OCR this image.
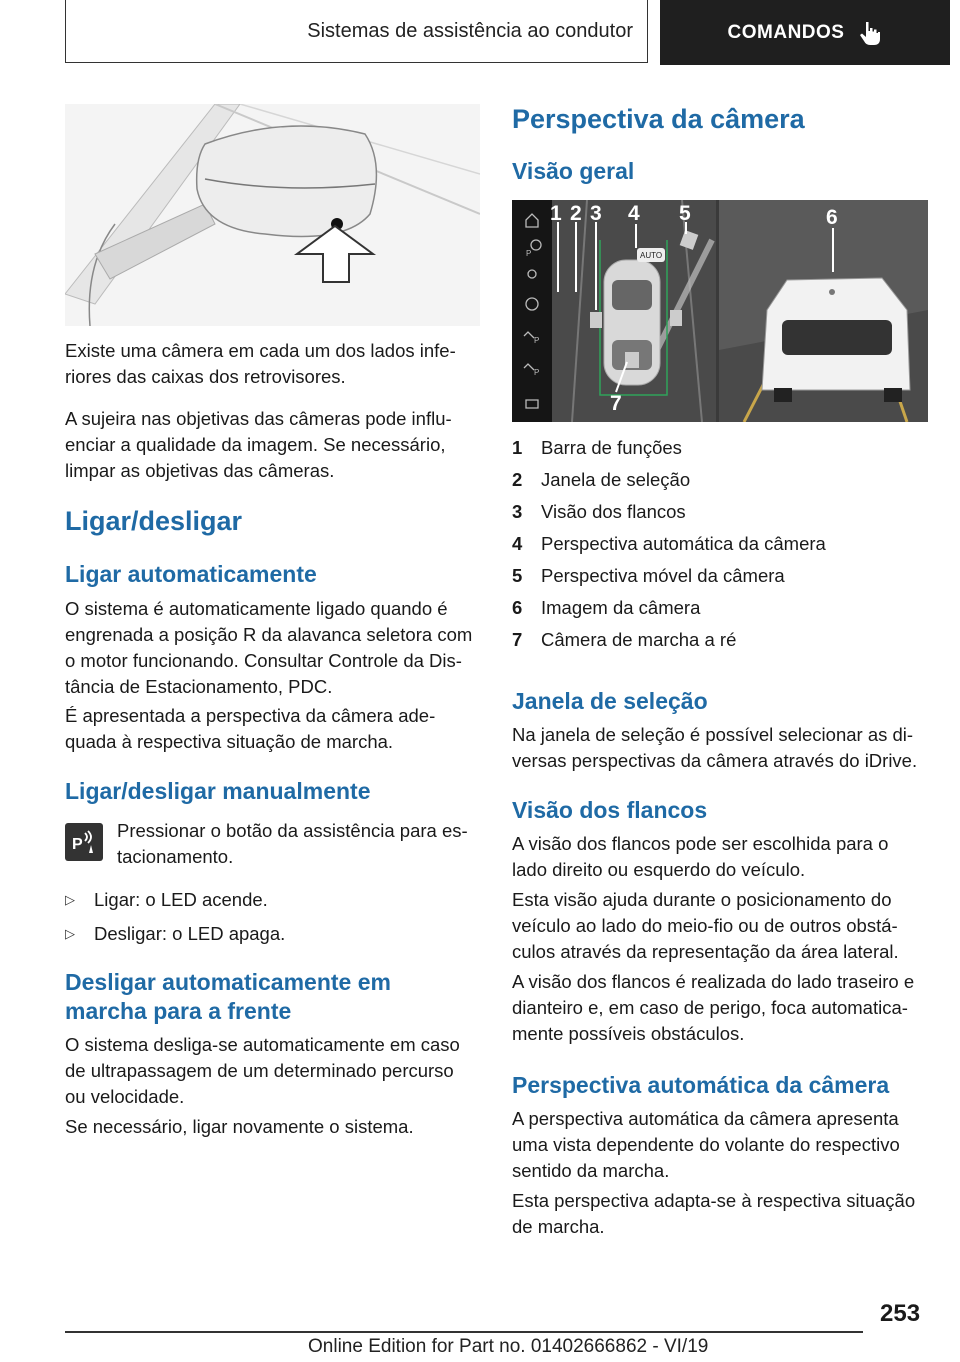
Sistemas de assistência ao condutor	COMANDOS

Existe uma câmera em cada um dos lados infe-

riores das caixas dos retrovisores.

A sujeira nas objetivas das câmeras pode influ-

enciar a qualidade da imagem. Se necessário,

limpar as objetivas das câmeras.

Ligar/desligar
Ligar automaticamente

O sistema é automaticamente ligado quando é

engrenada a posição R da alavanca seletora com

o motor funcionando. Consultar Controle da Dis-

tância de Estacionamento, PDC.

É apresentada a perspectiva da câmera ade-

quada à respectiva situação de marcha.

Ligar/desligar manualmente
P

Pressionar o botão da assistência para es-

tacionamento.

▷	Ligar: o LED acende.
▷	Desligar: o LED apaga.
Desligar automaticamente em
marcha para a frente

O sistema desliga-se automaticamente em caso

de ultrapassagem de um determinado percurso

ou velocidade.

Se necessário, ligar novamente o sistema.

Perspectiva da câmera
Visão geral
P
P
P
AUTO
1 2 3 4 5	6
7
1	Barra de funções
2	Janela de seleção
3	Visão dos flancos
4	Perspectiva automática da câmera
5	Perspectiva móvel da câmera
6	Imagem da câmera
7	Câmera de marcha a ré
Janela de seleção

Na janela de seleção é possível selecionar as di-

versas perspectivas da câmera através do iDrive.

Visão dos flancos

A visão dos flancos pode ser escolhida para o

lado direito ou esquerdo do veículo.

Esta visão ajuda durante o posicionamento do

veículo ao lado do meio-fio ou de outros obstá-

culos através da representação da área lateral.

A visão dos flancos é realizada do lado traseiro e

dianteiro e, em caso de perigo, foca automatica-

mente possíveis obstáculos.

Perspectiva automática da câmera

A perspectiva automática da câmera apresenta

uma vista dependente do volante do respectivo

sentido da marcha.

Esta perspectiva adapta-se à respectiva situação

de marcha.

253
Online Edition for Part no. 01402666862 - VI/19
